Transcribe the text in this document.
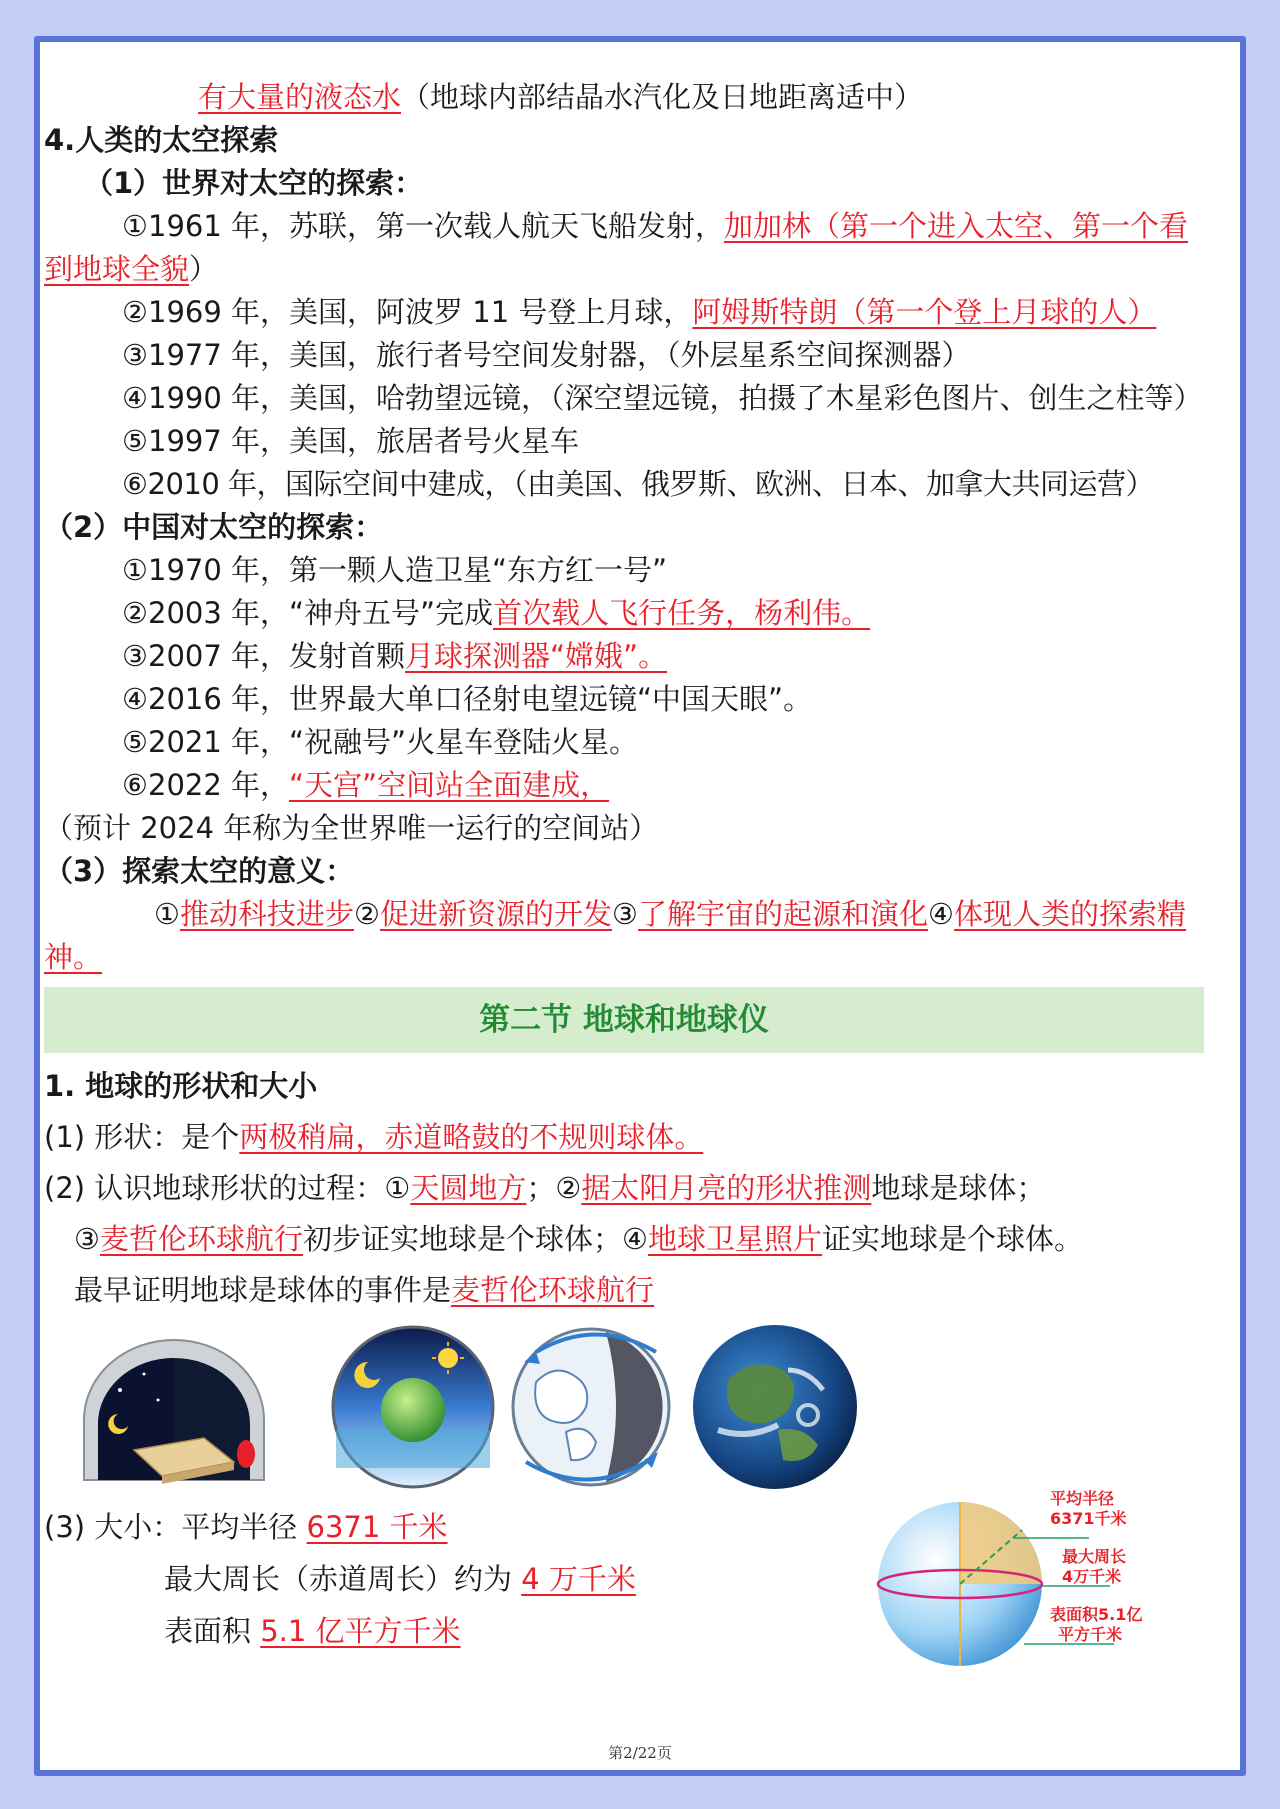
有大量的液态水（地球内部结晶水汽化及日地距离适中）
4.人类的太空探索
（1）世界对太空的探索：
①1961 年，苏联，第一次载人航天飞船发射，加加林（第一个进入太空、第一个看到地球全貌）
②1969 年，美国，阿波罗 11 号登上月球，阿姆斯特朗（第一个登上月球的人）
③1977 年，美国，旅行者号空间发射器，（外层星系空间探测器）
④1990 年，美国，哈勃望远镜，（深空望远镜，拍摄了木星彩色图片、创生之柱等）
⑤1997 年，美国，旅居者号火星车
⑥2010 年，国际空间中建成，（由美国、俄罗斯、欧洲、日本、加拿大共同运营）
（2）中国对太空的探索：
①1970 年，第一颗人造卫星“东方红一号”
②2003 年，“神舟五号”完成首次载人飞行任务，杨利伟。
③2007 年，发射首颗月球探测器“嫦娥”。
④2016 年，世界最大单口径射电望远镜“中国天眼”。
⑤2021 年，“祝融号”火星车登陆火星。
⑥2022 年，“天宫”空间站全面建成，（预计 2024 年称为全世界唯一运行的空间站）
（3）探索太空的意义：
①推动科技进步②促进新资源的开发③了解宇宙的起源和演化④体现人类的探索精神。
第二节 地球和地球仪
1. 地球的形状和大小
(1) 形状：是个两极稍扁，赤道略鼓的不规则球体。
(2) 认识地球形状的过程：①天圆地方；②据太阳月亮的形状推测地球是球体；
③麦哲伦环球航行初步证实地球是个球体；④地球卫星照片证实地球是个球体。
最早证明地球是球体的事件是麦哲伦环球航行
(3) 大小：平均半径 6371 千米
最大周长（赤道周长）约为 4 万千米
表面积 5.1 亿平方千米
平均半径
6371千米
最大周长
4万千米
表面积5.1亿
平方千米
第2/22页
